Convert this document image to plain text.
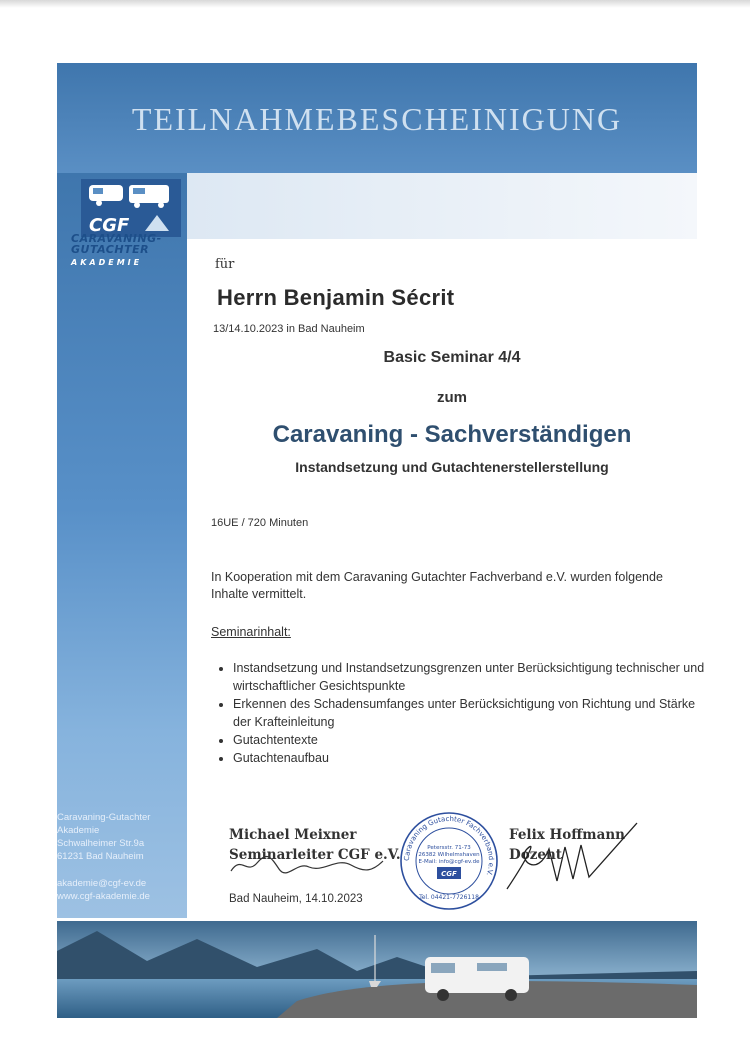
TEILNAHMEBESCHEINIGUNG
CGF
CARAVANING-
GUTACHTER
AKADEMIE
Caravaning-Gutachter
Akademie
Schwalheimer Str.9a
61231 Bad Nauheim
akademie@cgf-ev.de
www.cgf-akademie.de
für
Herrn Benjamin Sécrit
13/14.10.2023 in Bad Nauheim
Basic Seminar 4/4
zum
Caravaning - Sachverständigen
Instandsetzung und Gutachtenerstellerstellung
16UE / 720 Minuten
In Kooperation mit dem Caravaning Gutachter Fachverband e.V. wurden folgende Inhalte vermittelt.
Seminarinhalt:
• Instandsetzung und Instandsetzungsgrenzen unter Berücksichtigung technischer und wirtschaftlicher Gesichtspunkte
• Erkennen des Schadensumfanges unter Berücksichtigung von Richtung und Stärke der Krafteinleitung
• Gutachtentexte
• Gutachtenaufbau
Michael Meixner
Seminarleiter CGF e.V. Caravaning Gutachter Fachverband e.V.
Petersstr. 71-73
26382 Wilhelmshaven
E-Mail: info@cgf-ev.de
CGF
Tel. 04421-7726118
Felix Hoffmann
Dozent
Bad Nauheim, 14.10.2023
